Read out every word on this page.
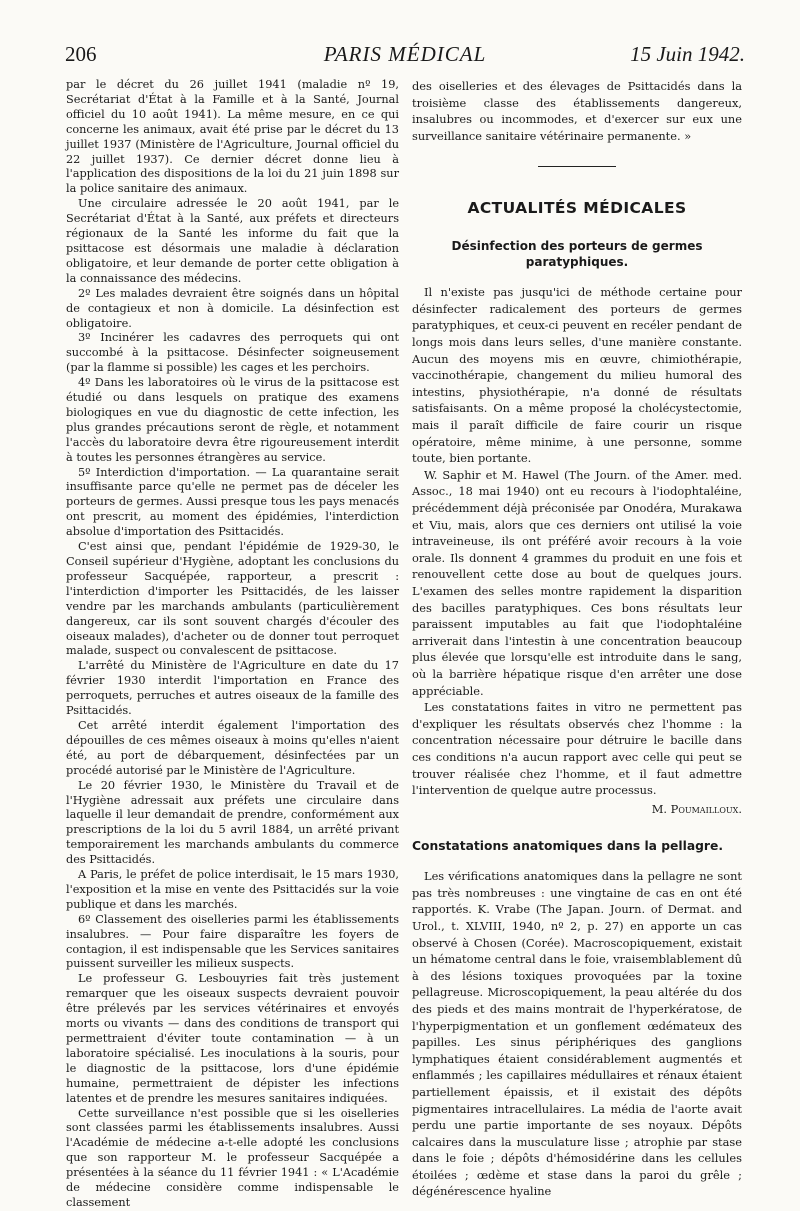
206	PARIS MÉDICAL	15 Juin 1942.

par le décret du 26 juillet 1941 (maladie nº 19, Secrétariat d'État à la Famille et à la Santé, Journal officiel du 10 août 1941). La même mesure, en ce qui concerne les animaux, avait été prise par le décret du 13 juillet 1937 (Ministère de l'Agriculture, Journal officiel du 22 juillet 1937). Ce dernier décret donne lieu à l'application des dispositions de la loi du 21 juin 1898 sur la police sanitaire des animaux.

Une circulaire adressée le 20 août 1941, par le Secrétariat d'État à la Santé, aux préfets et directeurs régionaux de la Santé les informe du fait que la psittacose est désormais une maladie à déclaration obligatoire, et leur demande de porter cette obligation à la connaissance des médecins.

2º Les malades devraient être soignés dans un hôpital de contagieux et non à domicile. La désinfection est obligatoire.

3º Incinérer les cadavres des perroquets qui ont succombé à la psittacose. Désinfecter soigneusement (par la flamme si possible) les cages et les perchoirs.

4º Dans les laboratoires où le virus de la psittacose est étudié ou dans lesquels on pratique des examens biologiques en vue du diagnostic de cette infection, les plus grandes précautions seront de règle, et notamment l'accès du laboratoire devra être rigoureusement interdit à toutes les personnes étrangères au service.

5º Interdiction d'importation. — La quarantaine serait insuffisante parce qu'elle ne permet pas de déceler les porteurs de germes. Aussi presque tous les pays menacés ont prescrit, au moment des épidémies, l'interdiction absolue d'importation des Psittacidés.

C'est ainsi que, pendant l'épidémie de 1929-30, le Conseil supérieur d'Hygiène, adoptant les conclusions du professeur Sacquépée, rapporteur, a prescrit : l'interdiction d'importer les Psittacidés, de les laisser vendre par les marchands ambulants (particulièrement dangereux, car ils sont souvent chargés d'écouler des oiseaux malades), d'acheter ou de donner tout perroquet malade, suspect ou convalescent de psittacose.

L'arrêté du Ministère de l'Agriculture en date du 17 février 1930 interdit l'importation en France des perroquets, perruches et autres oiseaux de la famille des Psittacidés.

Cet arrêté interdit également l'importation des dépouilles de ces mêmes oiseaux à moins qu'elles n'aient été, au port de débarquement, désinfectées par un procédé autorisé par le Ministère de l'Agriculture.

Le 20 février 1930, le Ministère du Travail et de l'Hygiène adressait aux préfets une circulaire dans laquelle il leur demandait de prendre, conformément aux prescriptions de la loi du 5 avril 1884, un arrêté privant temporairement les marchands ambulants du commerce des Psittacidés.

A Paris, le préfet de police interdisait, le 15 mars 1930, l'exposition et la mise en vente des Psittacidés sur la voie publique et dans les marchés.

6º Classement des oiselleries parmi les établissements insalubres. — Pour faire disparaître les foyers de contagion, il est indispensable que les Services sanitaires puissent surveiller les milieux suspects.

Le professeur G. Lesbouyries fait très justement remarquer que les oiseaux suspects devraient pouvoir être prélevés par les services vétérinaires et envoyés morts ou vivants — dans des conditions de transport qui permettraient d'éviter toute contamination — à un laboratoire spécialisé. Les inoculations à la souris, pour le diagnostic de la psittacose, lors d'une épidémie humaine, permettraient de dépister les infections latentes et de prendre les mesures sanitaires indiquées.

Cette surveillance n'est possible que si les oiselleries sont classées parmi les établissements insalubres. Aussi l'Académie de médecine a-t-elle adopté les conclusions que son rapporteur M. le professeur Sacquépée a présentées à la séance du 11 février 1941 : « L'Académie de médecine considère comme indispensable le classement

des oiselleries et des élevages de Psittacidés dans la troisième classe des établissements dangereux, insalubres ou incommodes, et d'exercer sur eux une surveillance sanitaire vétérinaire permanente. »

ACTUALITÉS MÉDICALES
Désinfection des porteurs de germes paratyphiques.

Il n'existe pas jusqu'ici de méthode certaine pour désinfecter radicalement des porteurs de germes paratyphiques, et ceux-ci peuvent en recéler pendant de longs mois dans leurs selles, d'une manière constante. Aucun des moyens mis en œuvre, chimiothérapie, vaccinothérapie, changement du milieu humoral des intestins, physiothérapie, n'a donné de résultats satisfaisants. On a même proposé la cholécystectomie, mais il paraît difficile de faire courir un risque opératoire, même minime, à une personne, somme toute, bien portante.

W. Saphir et M. Hawel (The Journ. of the Amer. med. Assoc., 18 mai 1940) ont eu recours à l'iodophtaléine, précédemment déjà préconisée par Onodéra, Murakawa et Viu, mais, alors que ces derniers ont utilisé la voie intraveineuse, ils ont préféré avoir recours à la voie orale. Ils donnent 4 grammes du produit en une fois et renouvellent cette dose au bout de quelques jours. L'examen des selles montre rapidement la disparition des bacilles paratyphiques. Ces bons résultats leur paraissent imputables au fait que l'iodophtaléine arriverait dans l'intestin à une concentration beaucoup plus élevée que lorsqu'elle est introduite dans le sang, où la barrière hépatique risque d'en arrêter une dose appréciable.

Les constatations faites in vitro ne permettent pas d'expliquer les résultats observés chez l'homme : la concentration nécessaire pour détruire le bacille dans ces conditions n'a aucun rapport avec celle qui peut se trouver réalisée chez l'homme, et il faut admettre l'intervention de quelque autre processus.

M. Poumailloux.

Constatations anatomiques dans la pellagre.

Les vérifications anatomiques dans la pellagre ne sont pas très nombreuses : une vingtaine de cas en ont été rapportés. K. Vrabe (The Japan. Journ. of Dermat. and Urol., t. XLVIII, 1940, nº 2, p. 27) en apporte un cas observé à Chosen (Corée). Macroscopiquement, existait un hématome central dans le foie, vraisemblablement dû à des lésions toxiques provoquées par la toxine pellagreuse. Microscopiquement, la peau altérée du dos des pieds et des mains montrait de l'hyperkératose, de l'hyperpigmentation et un gonflement œdémateux des papilles. Les sinus périphériques des ganglions lymphatiques étaient considérablement augmentés et enflammés ; les capillaires médullaires et rénaux étaient partiellement épaissis, et il existait des dépôts pigmentaires intracellulaires. La média de l'aorte avait perdu une partie importante de ses noyaux. Dépôts calcaires dans la musculature lisse ; atrophie par stase dans le foie ; dépôts d'hémosidérine dans les cellules étoilées ; œdème et stase dans la paroi du grêle ; dégénérescence hyaline
